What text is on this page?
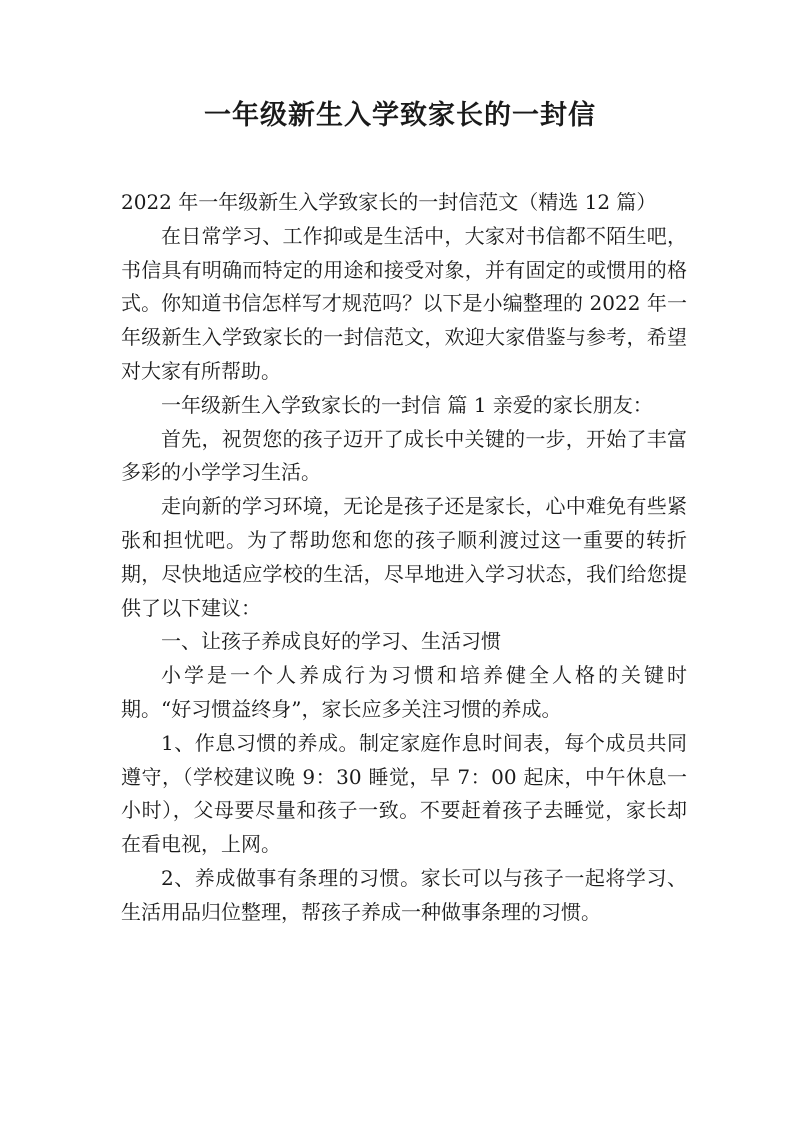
一年级新生入学致家长的一封信

2022 年一年级新生入学致家长的一封信范文（精选 12 篇）

在日常学习、工作抑或是生活中，大家对书信都不陌生吧，书信具有明确而特定的用途和接受对象，并有固定的或惯用的格式。你知道书信怎样写才规范吗？以下是小编整理的 2022 年一年级新生入学致家长的一封信范文，欢迎大家借鉴与参考，希望对大家有所帮助。

一年级新生入学致家长的一封信 篇 1 亲爱的家长朋友：

首先，祝贺您的孩子迈开了成长中关键的一步，开始了丰富多彩的小学学习生活。

走向新的学习环境，无论是孩子还是家长，心中难免有些紧张和担忧吧。为了帮助您和您的孩子顺利渡过这一重要的转折期，尽快地适应学校的生活，尽早地进入学习状态，我们给您提供了以下建议：

一、让孩子养成良好的学习、生活习惯

小学是一个人养成行为习惯和培养健全人格的关键时期。“好习惯益终身”，家长应多关注习惯的养成。

1、作息习惯的养成。制定家庭作息时间表，每个成员共同遵守，（学校建议晚 9：30 睡觉，早 7：00 起床，中午休息一小时），父母要尽量和孩子一致。不要赶着孩子去睡觉，家长却在看电视，上网。

2、养成做事有条理的习惯。家长可以与孩子一起将学习、生活用品归位整理，帮孩子养成一种做事条理的习惯。
